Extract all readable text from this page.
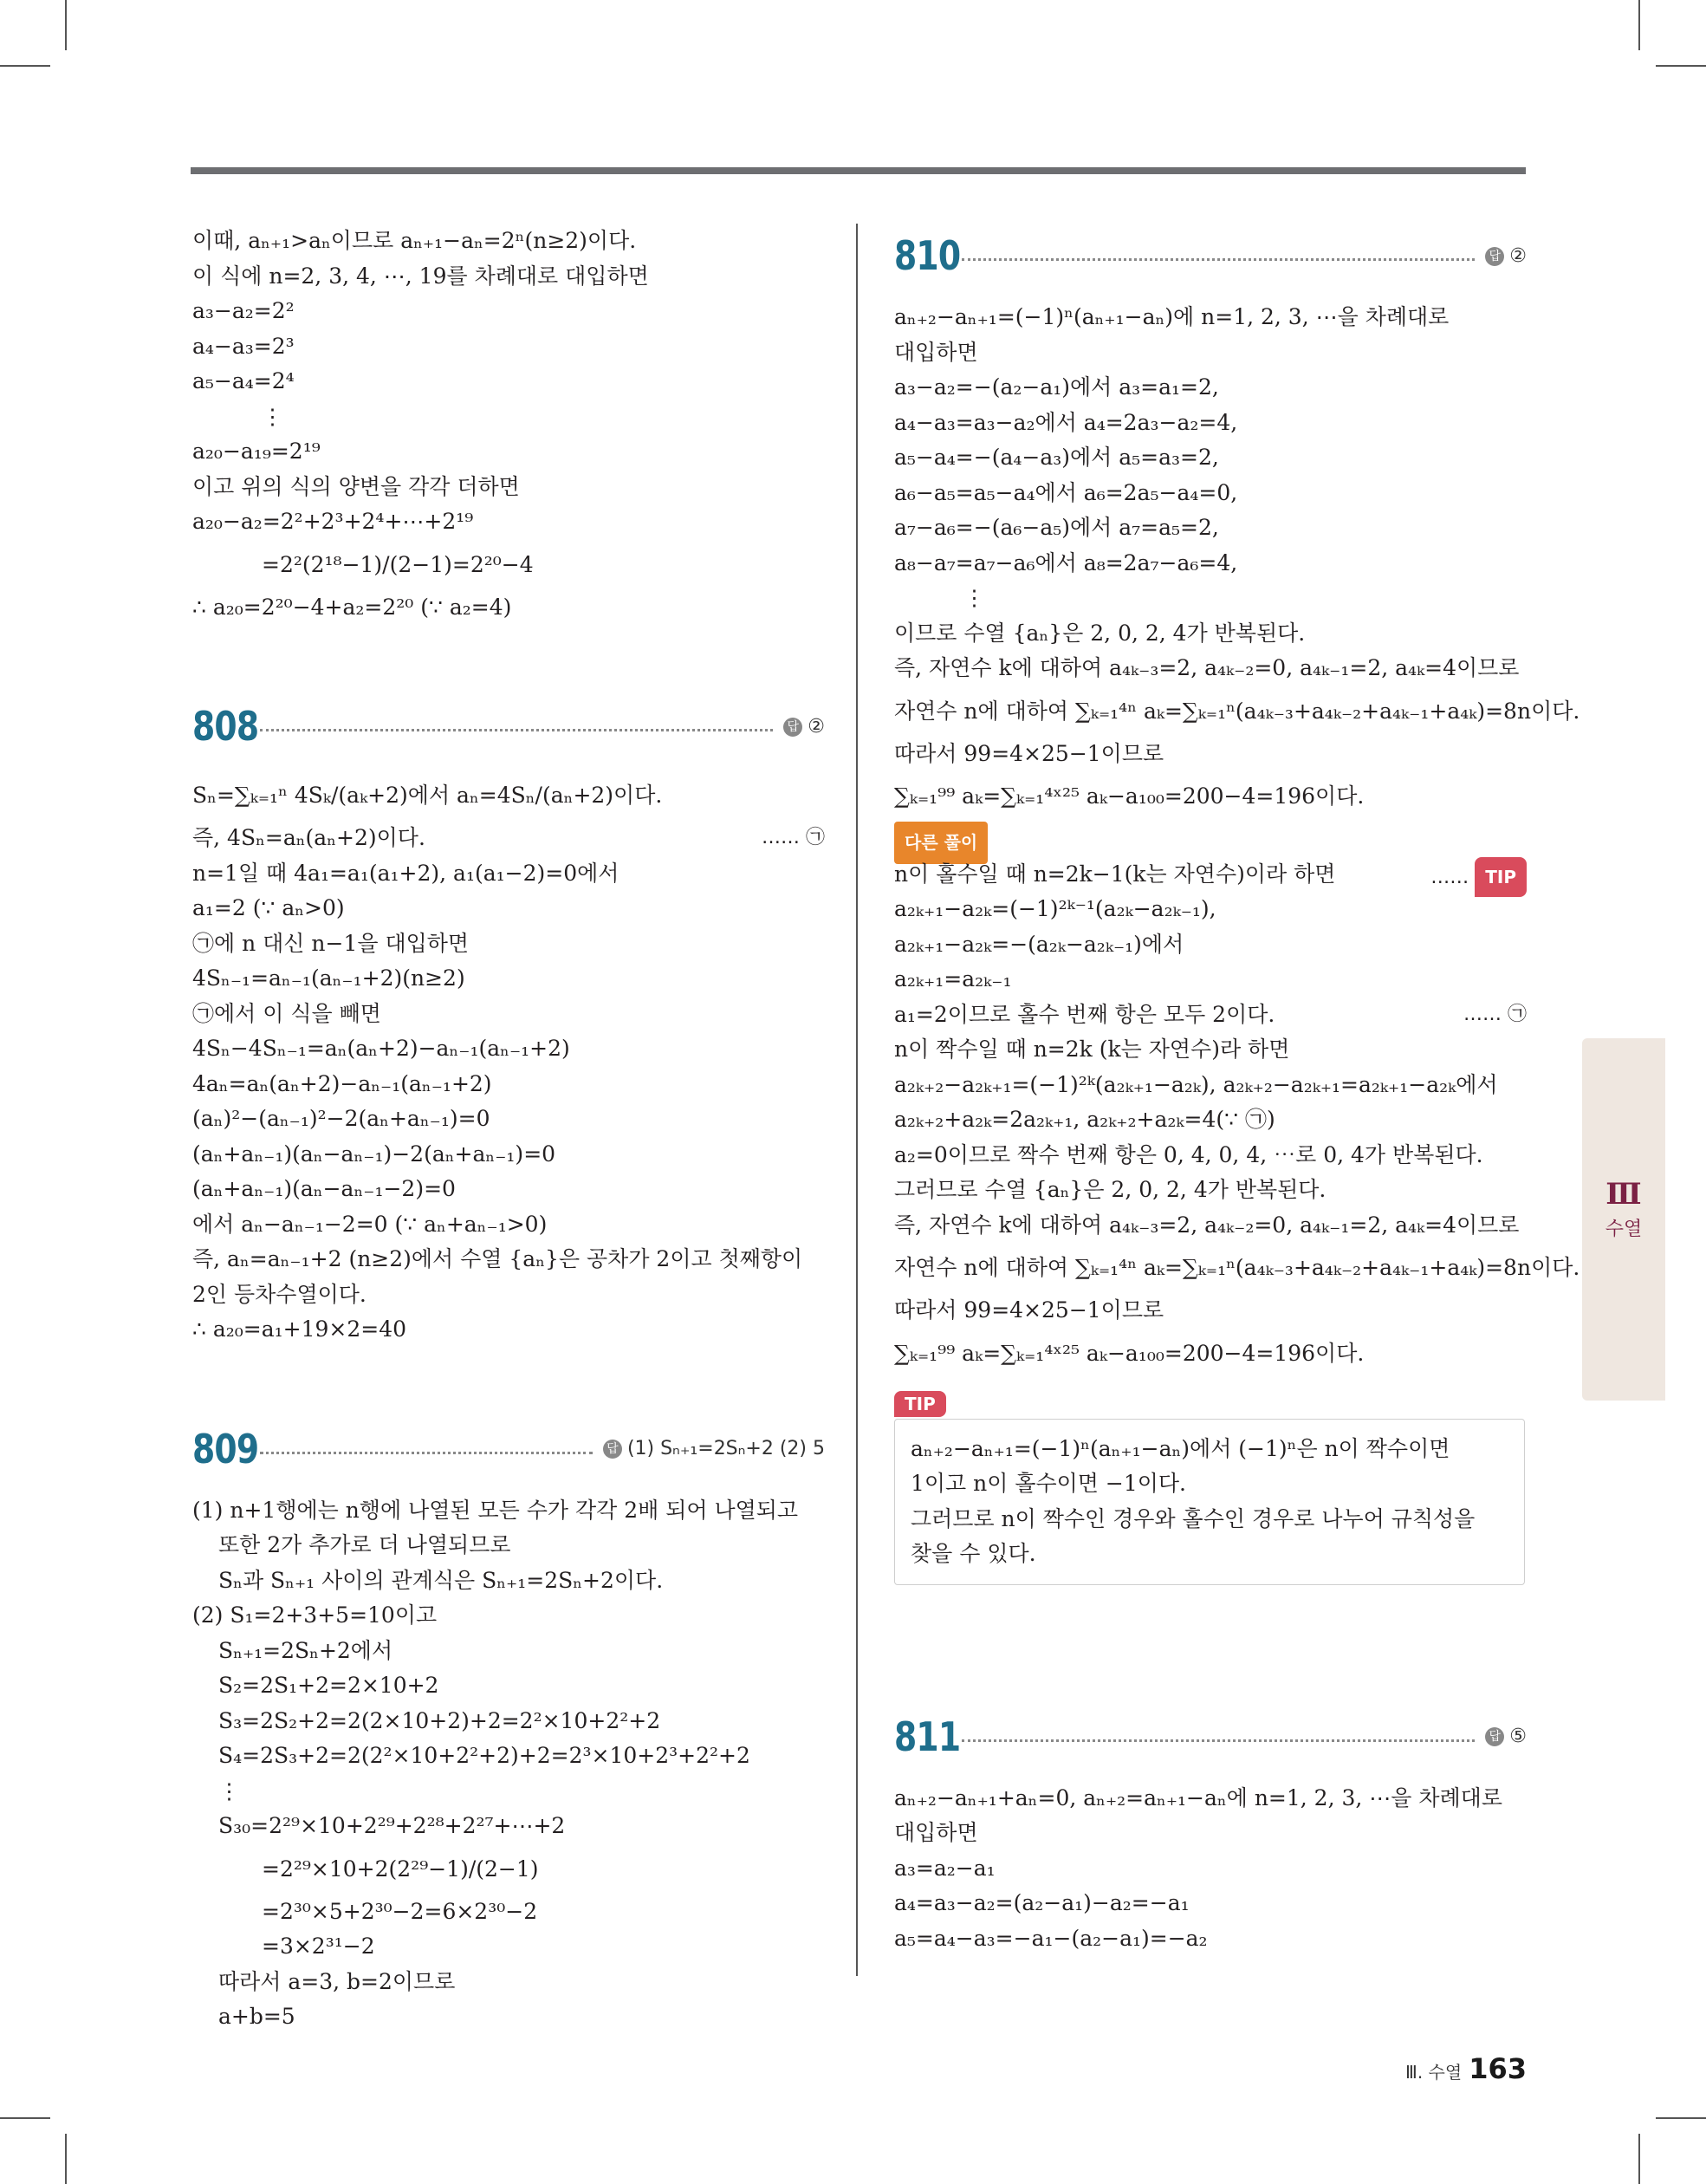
이때, aₙ₊₁>aₙ이므로 aₙ₊₁−aₙ=2ⁿ(n≥2)이다.
이 식에 n=2, 3, 4, ⋯, 19를 차례대로 대입하면
a₃−a₂=2²
a₄−a₃=2³
a₅−a₄=2⁴
⋮
a₂₀−a₁₉=2¹⁹
이고 위의 식의 양변을 각각 더하면
a₂₀−a₂=2²+2³+2⁴+⋯+2¹⁹
=2²(2¹⁸−1)/(2−1)=2²⁰−4
∴ a₂₀=2²⁰−4+a₂=2²⁰ (∵ a₂=4)
808	답 ②
Sₙ=∑ₖ₌₁ⁿ 4Sₖ/(aₖ+2)에서 aₙ=4Sₙ/(aₙ+2)이다.
즉, 4Sₙ=aₙ(aₙ+2)이다.	…… ㉠
n=1일 때 4a₁=a₁(a₁+2), a₁(a₁−2)=0에서
a₁=2 (∵ aₙ>0)
㉠에 n 대신 n−1을 대입하면
4Sₙ₋₁=aₙ₋₁(aₙ₋₁+2)(n≥2)
㉠에서 이 식을 빼면
4Sₙ−4Sₙ₋₁=aₙ(aₙ+2)−aₙ₋₁(aₙ₋₁+2)
4aₙ=aₙ(aₙ+2)−aₙ₋₁(aₙ₋₁+2)
(aₙ)²−(aₙ₋₁)²−2(aₙ+aₙ₋₁)=0
(aₙ+aₙ₋₁)(aₙ−aₙ₋₁)−2(aₙ+aₙ₋₁)=0
(aₙ+aₙ₋₁)(aₙ−aₙ₋₁−2)=0
에서 aₙ−aₙ₋₁−2=0 (∵ aₙ+aₙ₋₁>0)
즉, aₙ=aₙ₋₁+2 (n≥2)에서 수열 {aₙ}은 공차가 2이고 첫째항이
2인 등차수열이다.
∴ a₂₀=a₁+19×2=40
809	답 (1) Sₙ₊₁=2Sₙ+2 (2) 5
(1) n+1행에는 n행에 나열된 모든 수가 각각 2배 되어 나열되고
또한 2가 추가로 더 나열되므로
Sₙ과 Sₙ₊₁ 사이의 관계식은 Sₙ₊₁=2Sₙ+2이다.
(2) S₁=2+3+5=10이고
Sₙ₊₁=2Sₙ+2에서
S₂=2S₁+2=2×10+2
S₃=2S₂+2=2(2×10+2)+2=2²×10+2²+2
S₄=2S₃+2=2(2²×10+2²+2)+2=2³×10+2³+2²+2
⋮
S₃₀=2²⁹×10+2²⁹+2²⁸+2²⁷+⋯+2
=2²⁹×10+2(2²⁹−1)/(2−1)
=2³⁰×5+2³⁰−2=6×2³⁰−2
=3×2³¹−2
따라서 a=3, b=2이므로
a+b=5
810	답 ②
aₙ₊₂−aₙ₊₁=(−1)ⁿ(aₙ₊₁−aₙ)에 n=1, 2, 3, ⋯을 차례대로
대입하면
a₃−a₂=−(a₂−a₁)에서 a₃=a₁=2,
a₄−a₃=a₃−a₂에서 a₄=2a₃−a₂=4,
a₅−a₄=−(a₄−a₃)에서 a₅=a₃=2,
a₆−a₅=a₅−a₄에서 a₆=2a₅−a₄=0,
a₇−a₆=−(a₆−a₅)에서 a₇=a₅=2,
a₈−a₇=a₇−a₆에서 a₈=2a₇−a₆=4,
⋮
이므로 수열 {aₙ}은 2, 0, 2, 4가 반복된다.
즉, 자연수 k에 대하여 a₄ₖ₋₃=2, a₄ₖ₋₂=0, a₄ₖ₋₁=2, a₄ₖ=4이므로
자연수 n에 대하여 ∑ₖ₌₁⁴ⁿ aₖ=∑ₖ₌₁ⁿ(a₄ₖ₋₃+a₄ₖ₋₂+a₄ₖ₋₁+a₄ₖ)=8n이다.
따라서 99=4×25−1이므로
∑ₖ₌₁⁹⁹ aₖ=∑ₖ₌₁⁴ˣ²⁵ aₖ−a₁₀₀=200−4=196이다.
다른 풀이
n이 홀수일 때 n=2k−1(k는 자연수)이라 하면	…… TIP
a₂ₖ₊₁−a₂ₖ=(−1)²ᵏ⁻¹(a₂ₖ−a₂ₖ₋₁),
a₂ₖ₊₁−a₂ₖ=−(a₂ₖ−a₂ₖ₋₁)에서
a₂ₖ₊₁=a₂ₖ₋₁
a₁=2이므로 홀수 번째 항은 모두 2이다.	…… ㉠
n이 짝수일 때 n=2k (k는 자연수)라 하면
a₂ₖ₊₂−a₂ₖ₊₁=(−1)²ᵏ(a₂ₖ₊₁−a₂ₖ), a₂ₖ₊₂−a₂ₖ₊₁=a₂ₖ₊₁−a₂ₖ에서
a₂ₖ₊₂+a₂ₖ=2a₂ₖ₊₁, a₂ₖ₊₂+a₂ₖ=4(∵ ㉠)
a₂=0이므로 짝수 번째 항은 0, 4, 0, 4, ⋯로 0, 4가 반복된다.
그러므로 수열 {aₙ}은 2, 0, 2, 4가 반복된다.
즉, 자연수 k에 대하여 a₄ₖ₋₃=2, a₄ₖ₋₂=0, a₄ₖ₋₁=2, a₄ₖ=4이므로
자연수 n에 대하여 ∑ₖ₌₁⁴ⁿ aₖ=∑ₖ₌₁ⁿ(a₄ₖ₋₃+a₄ₖ₋₂+a₄ₖ₋₁+a₄ₖ)=8n이다.
따라서 99=4×25−1이므로
∑ₖ₌₁⁹⁹ aₖ=∑ₖ₌₁⁴ˣ²⁵ aₖ−a₁₀₀=200−4=196이다.
TIP
aₙ₊₂−aₙ₊₁=(−1)ⁿ(aₙ₊₁−aₙ)에서 (−1)ⁿ은 n이 짝수이면
1이고 n이 홀수이면 −1이다.
그러므로 n이 짝수인 경우와 홀수인 경우로 나누어 규칙성을
찾을 수 있다.
811	답 ⑤
aₙ₊₂−aₙ₊₁+aₙ=0, aₙ₊₂=aₙ₊₁−aₙ에 n=1, 2, 3, ⋯을 차례대로
대입하면
a₃=a₂−a₁
a₄=a₃−a₂=(a₂−a₁)−a₂=−a₁
a₅=a₄−a₃=−a₁−(a₂−a₁)=−a₂
Ⅲ
수열
Ⅲ. 수열 163
